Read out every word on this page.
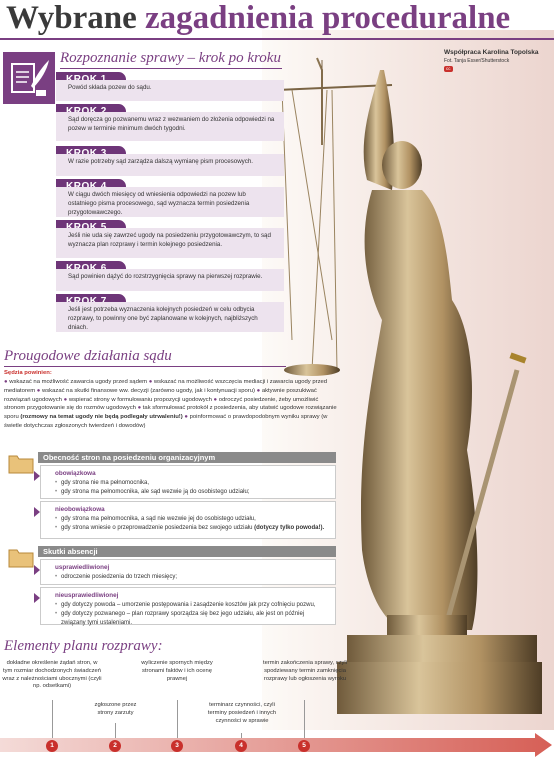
Wybrane zagadnienia proceduralne
Współpraca Karolina Topolska
Fot. Tanja Esser/Shutterstock
cc
Rozpoznanie sprawy – krok po kroku
Powód składa pozew do sądu.
Sąd doręcza go pozwanemu wraz z wezwaniem do złożenia odpowiedzi na pozew w terminie minimum dwóch tygodni.
W razie potrzeby sąd zarządza dalszą wymianę pism procesowych.
W ciągu dwóch miesięcy od wniesienia odpowiedzi na pozew lub ostatniego pisma procesowego, sąd wyznacza termin posiedzenia przygotowawczego.
Jeśli nie uda się zawrzeć ugody na posiedzeniu przygotowawczym, to sąd wyznacza plan rozprawy i termin kolejnego posiedzenia.
Sąd powinien dążyć do rozstrzygnięcia sprawy na pierwszej rozprawie.
Jeśli jest potrzeba wyznaczenia kolejnych posiedzeń w celu odbycia rozprawy, to powinny one być zaplanowane w kolejnych, najbliższych dniach.
Prougodowe działania sądu
Sędzia powinien:
● wskazać na możliwość zawarcia ugody przed sądem ● wskazać na możliwość wszczęcia mediacji i zawarcia ugody przed mediatorem ● wskazać na skutki finansowe ww. decyzji (zarówno ugody, jak i kontynuacji sporu) ● aktywnie poszukiwać rozwiązań ugodowych ● wspierać strony w formułowaniu propozycji ugodowych ● odroczyć posiedzenie, żeby umożliwić stronom przygotowanie się do rozmów ugodowych ● tak sformułować protokół z posiedzenia, aby utatwić ugodowe rozwiązanie sporu (rozmowy na temat ugody nie będą podlegały utrwaleniu!) ● poinformować o prawdopodobnym wyniku sprawy (w świetle dotychczas zgłoszonych twierdzeń i dowodów)
Obecność stron na posiedzeniu organizacyjnym
obowiązkowa
• gdy strona nie ma pełnomocnika,
• gdy strona ma pełnomocnika, ale sąd wezwie ją do osobistego udziału;
nieobowiązkowa
• gdy strona ma pełnomocnika, a sąd nie wezwie jej do osobistego udziału,
• gdy strona wniesie o przeprowadzenie posiedzenia bez swojego udziału (dotyczy tylko powoda!).
Skutki absencji
usprawiedliwionej
• odroczenie posiedzenia do trzech miesięcy;
nieusprawiedliwionej
• gdy dotyczy powoda – umorzenie postępowania i zasądzenie kosztów jak przy cofnięciu pozwu,
• gdy dotyczy pozwanego – plan rozprawy sporządza się bez jego udziału, ale jest on później związany tymi ustaleniami.
Elementy planu rozprawy:
dokładne określenie żądań stron, w tym rozmiar dochodzonych świadczeń wraz z należnościami ubocznymi (czyli np. odsetkami)
zgłoszone przez strony zarzuty
wyliczenie spornych między stronami faktów i ich ocenę prawnej
terminarz czynności, czyli terminy posiedzeń i innych czynności w sprawie
termin zakończenia sprawy, czyli spodziewany termin zamknięcia rozprawy lub ogłoszenia wyroku
1	2	3	4	5
